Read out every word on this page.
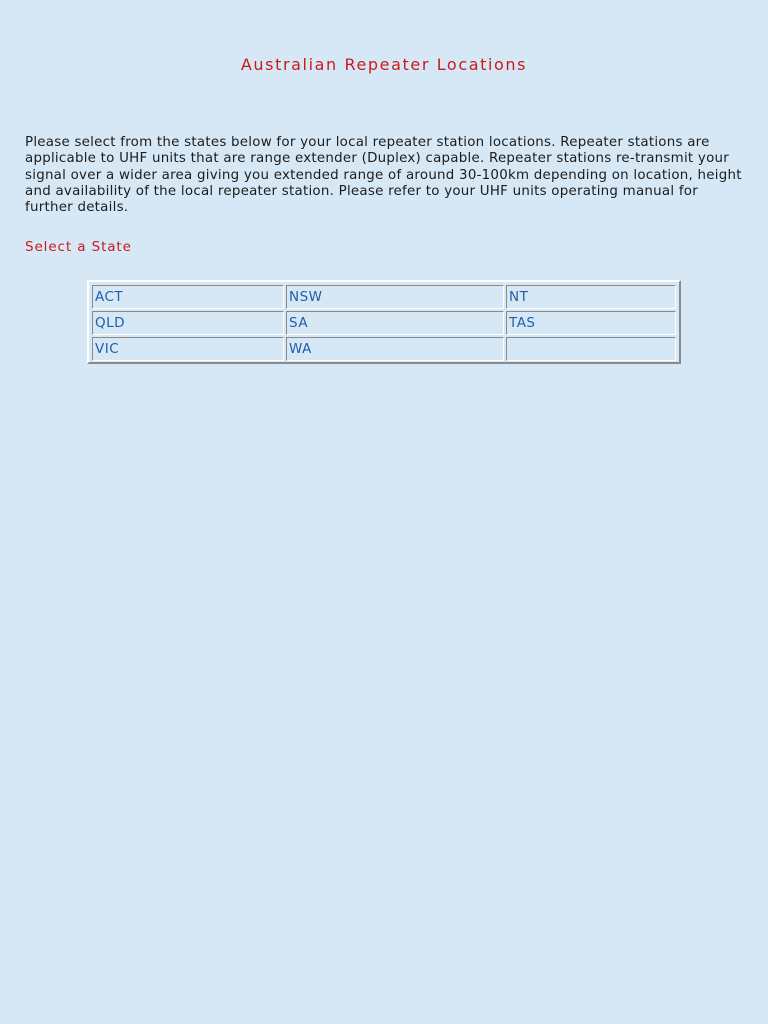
Australian Repeater Locations

Please select from the states below for your local repeater station locations. Repeater stations are applicable to UHF units that are range extender (Duplex) capable. Repeater stations re-transmit your signal over a wider area giving you extended range of around 30-100km depending on location, height and availability of the local repeater station. Please refer to your UHF units operating manual for further details.

Select a State

ACT	NSW	NT
QLD	SA	TAS
VIC	WA	
